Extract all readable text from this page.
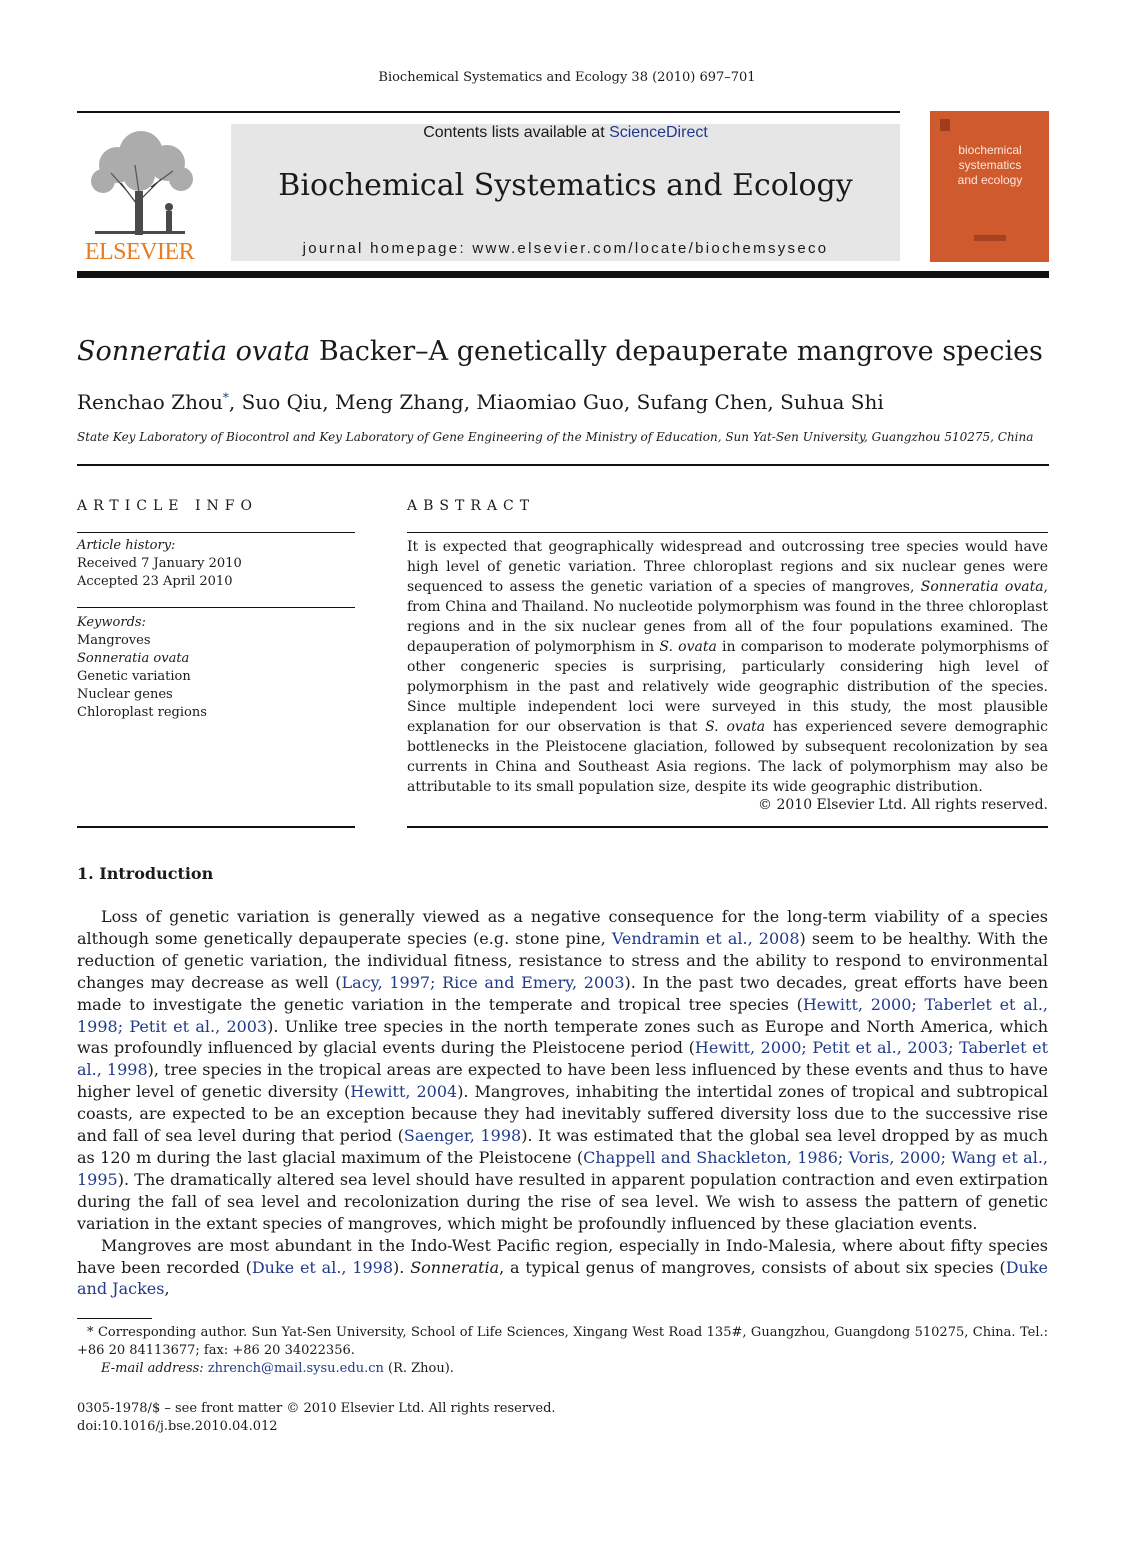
Biochemical Systematics and Ecology 38 (2010) 697–701
ELSEVIER
Contents lists available at ScienceDirect
Biochemical Systematics and Ecology
journal homepage: www.elsevier.com/locate/biochemsyseco
biochemical
systematics
and ecology
Sonneratia ovata Backer–A genetically depauperate mangrove species
Renchao Zhou*, Suo Qiu, Meng Zhang, Miaomiao Guo, Sufang Chen, Suhua Shi
State Key Laboratory of Biocontrol and Key Laboratory of Gene Engineering of the Ministry of Education, Sun Yat-Sen University, Guangzhou 510275, China
ARTICLE INFO
Article history:
Received 7 January 2010
Accepted 23 April 2010
Keywords:
Mangroves
Sonneratia ovata
Genetic variation
Nuclear genes
Chloroplast regions
ABSTRACT
It is expected that geographically widespread and outcrossing tree species would have high level of genetic variation. Three chloroplast regions and six nuclear genes were sequenced to assess the genetic variation of a species of mangroves, Sonneratia ovata, from China and Thailand. No nucleotide polymorphism was found in the three chloroplast regions and in the six nuclear genes from all of the four populations examined. The depauperation of polymorphism in S. ovata in comparison to moderate polymorphisms of other congeneric species is surprising, particularly considering high level of polymorphism in the past and relatively wide geographic distribution of the species. Since multiple independent loci were surveyed in this study, the most plausible explanation for our observation is that S. ovata has experienced severe demographic bottlenecks in the Pleistocene glaciation, followed by subsequent recolonization by sea currents in China and Southeast Asia regions. The lack of polymorphism may also be attributable to its small population size, despite its wide geographic distribution.
© 2010 Elsevier Ltd. All rights reserved.
1. Introduction

Loss of genetic variation is generally viewed as a negative consequence for the long-term viability of a species although some genetically depauperate species (e.g. stone pine, Vendramin et al., 2008) seem to be healthy. With the reduction of genetic variation, the individual fitness, resistance to stress and the ability to respond to environmental changes may decrease as well (Lacy, 1997; Rice and Emery, 2003). In the past two decades, great efforts have been made to investigate the genetic variation in the temperate and tropical tree species (Hewitt, 2000; Taberlet et al., 1998; Petit et al., 2003). Unlike tree species in the north temperate zones such as Europe and North America, which was profoundly influenced by glacial events during the Pleistocene period (Hewitt, 2000; Petit et al., 2003; Taberlet et al., 1998), tree species in the tropical areas are expected to have been less influenced by these events and thus to have higher level of genetic diversity (Hewitt, 2004). Mangroves, inhabiting the intertidal zones of tropical and subtropical coasts, are expected to be an exception because they had inevitably suffered diversity loss due to the successive rise and fall of sea level during that period (Saenger, 1998). It was estimated that the global sea level dropped by as much as 120 m during the last glacial maximum of the Pleistocene (Chappell and Shackleton, 1986; Voris, 2000; Wang et al., 1995). The dramatically altered sea level should have resulted in apparent population contraction and even extirpation during the fall of sea level and recolonization during the rise of sea level. We wish to assess the pattern of genetic variation in the extant species of mangroves, which might be profoundly influenced by these glaciation events.

Mangroves are most abundant in the Indo-West Pacific region, especially in Indo-Malesia, where about fifty species have been recorded (Duke et al., 1998). Sonneratia, a typical genus of mangroves, consists of about six species (Duke and Jackes,

* Corresponding author. Sun Yat-Sen University, School of Life Sciences, Xingang West Road 135#, Guangzhou, Guangdong 510275, China. Tel.: +86 20 84113677; fax: +86 20 34022356.
E-mail address: zhrench@mail.sysu.edu.cn (R. Zhou).
0305-1978/$ – see front matter © 2010 Elsevier Ltd. All rights reserved.
doi:10.1016/j.bse.2010.04.012
